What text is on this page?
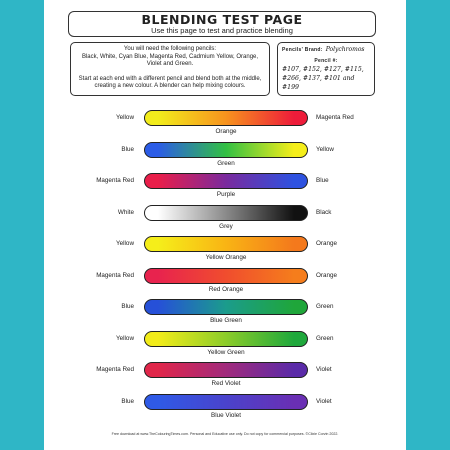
BLENDING TEST PAGE
Use this page to test and practice blending

You will need the following pencils:

Black, White, Cyan Blue, Magenta Red, Cadmium Yellow, Orange, Violet and Green.

Start at each end with a different pencil and blend both at the middle, creating a new colour. A blender can help mixing colours.

Pencils' Brand: Polychromos
Pencil #:
#107, #152, #127, #115,
#266, #137, #101 and #199
Yellow	Magenta Red
Orange
Blue	Yellow
Green
Magenta Red	Blue
Purple
White	Black
Grey
Yellow	Orange
Yellow Orange
Magenta Red	Orange
Red Orange
Blue	Green
Blue Green
Yellow	Green
Yellow Green
Magenta Red	Violet
Red Violet
Blue	Violet
Blue Violet
Free download at www.TheColouringTimes.com. Personal and Educative use only. Do not copy for commercial purposes. ©Clixie Corvin 2022.
